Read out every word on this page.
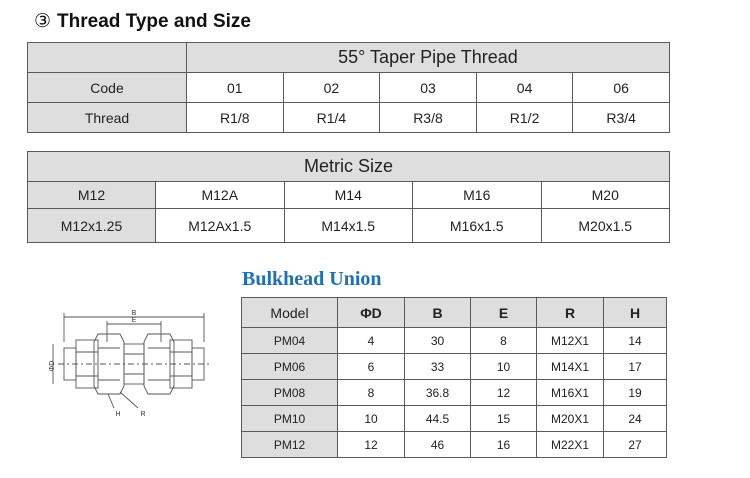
③ Thread Type and Size
	55° Taper Pipe Thread				
Code	01	02	03	04	06
Thread	R1/8	R1/4	R3/8	R1/2	R3/4
Metric Size				
M12	M12A	M14	M16	M20
M12x1.25	M12Ax1.5	M14x1.5	M16x1.5	M20x1.5
Bulkhead Union
B
E
ΦD
H	R
Model	ΦD	B	E	R	H
PM04	4	30	8	M12X1	14
PM06	6	33	10	M14X1	17
PM08	8	36.8	12	M16X1	19
PM10	10	44.5	15	M20X1	24
PM12	12	46	16	M22X1	27
